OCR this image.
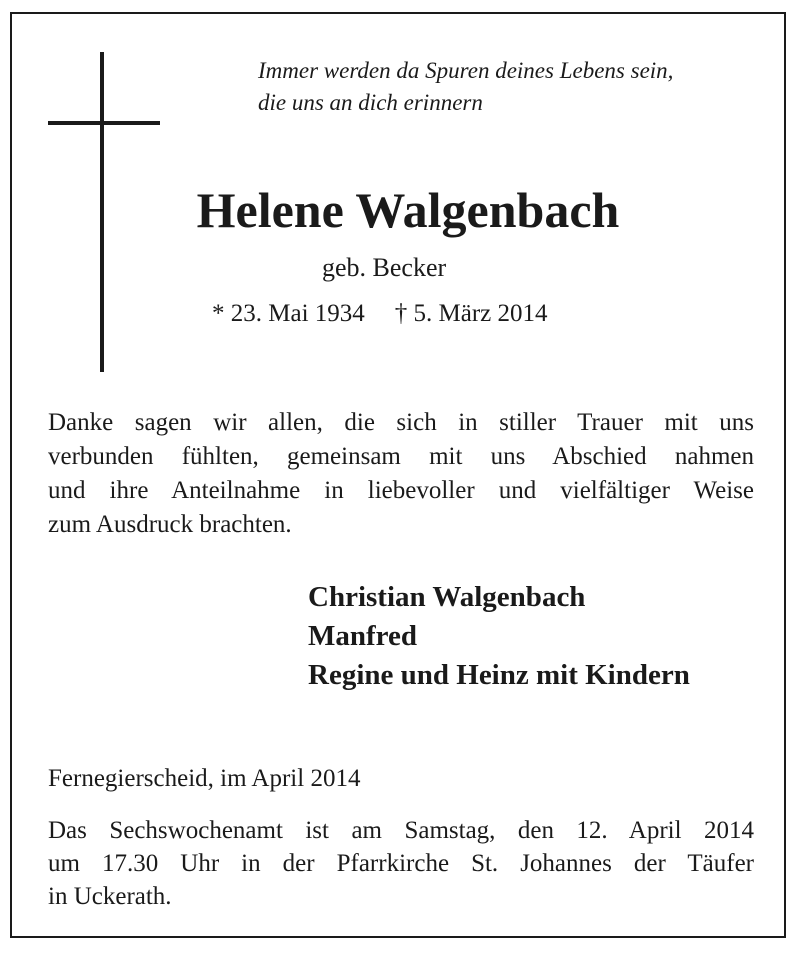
Immer werden da Spuren deines Lebens sein,
die uns an dich erinnern
Helene Walgenbach
geb. Becker
* 23. Mai 1934 † 5. März 2014
Danke sagen wir allen, die sich in stiller Trauer mit uns
verbunden fühlten, gemeinsam mit uns Abschied nahmen
und ihre Anteilnahme in liebevoller und vielfältiger Weise
zum Ausdruck brachten.
Christian Walgenbach
Manfred
Regine und Heinz mit Kindern
Fernegierscheid, im April 2014
Das Sechswochenamt ist am Samstag, den 12. April 2014
um 17.30 Uhr in der Pfarrkirche St. Johannes der Täufer
in Uckerath.
